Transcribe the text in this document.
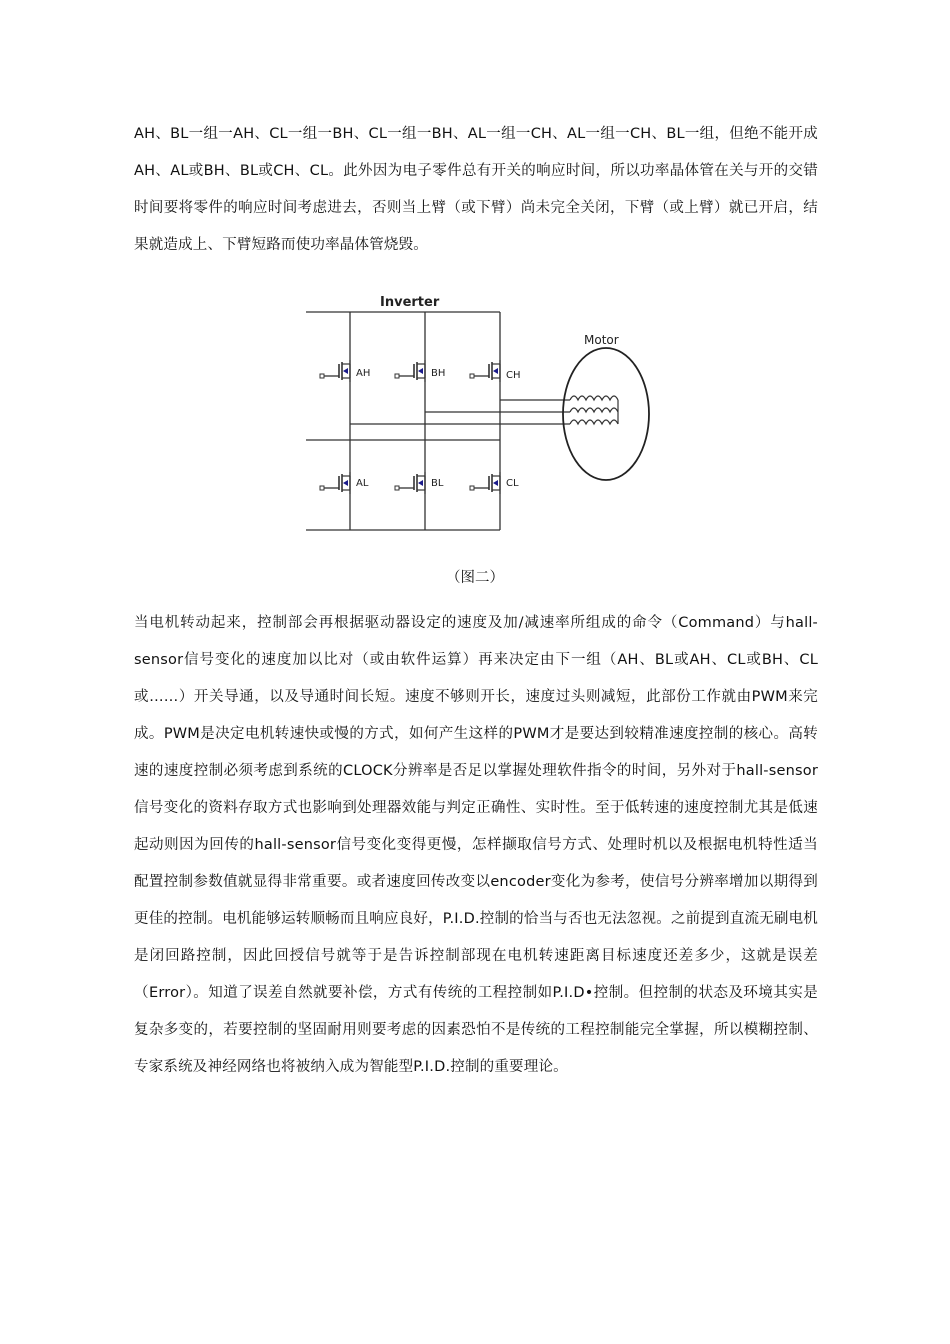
AH、BL一组一AH、CL一组一BH、CL一组一BH、AL一组一CH、AL一组一CH、BL一组，但绝不能开成AH、AL或BH、BL或CH、CL。此外因为电子零件总有开关的响应时间，所以功率晶体管在关与开的交错时间要将零件的响应时间考虑进去，否则当上臂（或下臂）尚未完全关闭，下臂（或上臂）就已开启，结果就造成上、下臂短路而使功率晶体管烧毁。

Inverter
AH	BH	CH
AL	BL	CL
Motor
（图二）

当电机转动起来，控制部会再根据驱动器设定的速度及加/减速率所组成的命令（Command）与hall-sensor信号变化的速度加以比对（或由软件运算）再来决定由下一组（AH、BL或AH、CL或BH、CL或……）开关导通，以及导通时间长短。速度不够则开长，速度过头则减短，此部份工作就由PWM来完成。PWM是决定电机转速快或慢的方式，如何产生这样的PWM才是要达到较精准速度控制的核心。高转速的速度控制必须考虑到系统的CLOCK分辨率是否足以掌握处理软件指令的时间，另外对于hall-sensor信号变化的资料存取方式也影响到处理器效能与判定正确性、实时性。至于低转速的速度控制尤其是低速起动则因为回传的hall-sensor信号变化变得更慢，怎样撷取信号方式、处理时机以及根据电机特性适当配置控制参数值就显得非常重要。或者速度回传改变以encoder变化为参考，使信号分辨率增加以期得到更佳的控制。电机能够运转顺畅而且响应良好，P.I.D.控制的恰当与否也无法忽视。之前提到直流无刷电机是闭回路控制，因此回授信号就等于是告诉控制部现在电机转速距离目标速度还差多少，这就是误差（Error）。知道了误差自然就要补偿，方式有传统的工程控制如P.I.D•控制。但控制的状态及环境其实是复杂多变的，若要控制的坚固耐用则要考虑的因素恐怕不是传统的工程控制能完全掌握，所以模糊控制、专家系统及神经网络也将被纳入成为智能型P.I.D.控制的重要理论。
